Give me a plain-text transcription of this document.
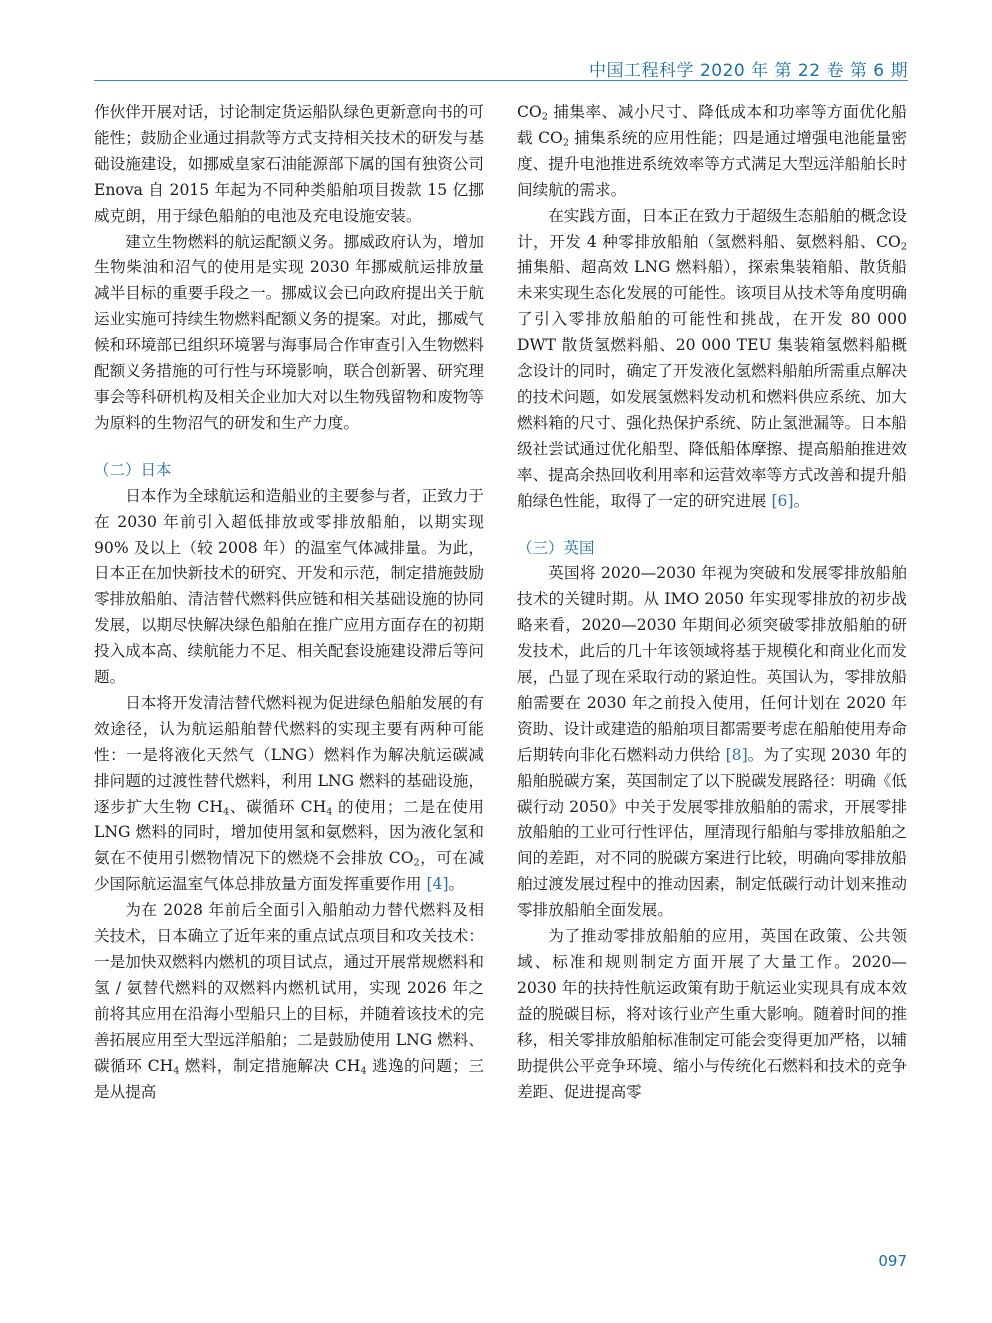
中国工程科学 2020 年 第 22 卷 第 6 期

作伙伴开展对话，讨论制定货运船队绿色更新意向书的可能性；鼓励企业通过捐款等方式支持相关技术的研发与基础设施建设，如挪威皇家石油能源部下属的国有独资公司 Enova 自 2015 年起为不同种类船舶项目拨款 15 亿挪威克朗，用于绿色船舶的电池及充电设施安装。

建立生物燃料的航运配额义务。挪威政府认为，增加生物柴油和沼气的使用是实现 2030 年挪威航运排放量减半目标的重要手段之一。挪威议会已向政府提出关于航运业实施可持续生物燃料配额义务的提案。对此，挪威气候和环境部已组织环境署与海事局合作审查引入生物燃料配额义务措施的可行性与环境影响，联合创新署、研究理事会等科研机构及相关企业加大对以生物残留物和废物等为原料的生物沼气的研发和生产力度。

（二）日本

日本作为全球航运和造船业的主要参与者，正致力于在 2030 年前引入超低排放或零排放船舶，以期实现 90% 及以上（较 2008 年）的温室气体减排量。为此，日本正在加快新技术的研究、开发和示范，制定措施鼓励零排放船舶、清洁替代燃料供应链和相关基础设施的协同发展，以期尽快解决绿色船舶在推广应用方面存在的初期投入成本高、续航能力不足、相关配套设施建设滞后等问题。

日本将开发清洁替代燃料视为促进绿色船舶发展的有效途径，认为航运船舶替代燃料的实现主要有两种可能性：一是将液化天然气（LNG）燃料作为解决航运碳减排问题的过渡性替代燃料，利用 LNG 燃料的基础设施，逐步扩大生物 $CH_4$、碳循环 $CH_4$ 的使用；二是在使用 LNG 燃料的同时，增加使用氢和氨燃料，因为液化氢和氨在不使用引燃物情况下的燃烧不会排放 $CO_2$，可在减少国际航运温室气体总排放量方面发挥重要作用 [4]。

为在 2028 年前后全面引入船舶动力替代燃料及相关技术，日本确立了近年来的重点试点项目和攻关技术：一是加快双燃料内燃机的项目试点，通过开展常规燃料和氢 / 氨替代燃料的双燃料内燃机试用，实现 2026 年之前将其应用在沿海小型船只上的目标，并随着该技术的完善拓展应用至大型远洋船舶；二是鼓励使用 LNG 燃料、碳循环 $CH_4$ 燃料，制定措施解决 $CH_4$ 逃逸的问题；三是从提高

$CO_2$ 捕集率、减小尺寸、降低成本和功率等方面优化船载 $CO_2$ 捕集系统的应用性能；四是通过增强电池能量密度、提升电池推进系统效率等方式满足大型远洋船舶长时间续航的需求。

在实践方面，日本正在致力于超级生态船舶的概念设计，开发 4 种零排放船舶（氢燃料船、氨燃料船、$CO_2$ 捕集船、超高效 LNG 燃料船），探索集装箱船、散货船未来实现生态化发展的可能性。该项目从技术等角度明确了引入零排放船舶的可能性和挑战，在开发 80 000 DWT 散货氢燃料船、20 000 TEU 集装箱氢燃料船概念设计的同时，确定了开发液化氢燃料船舶所需重点解决的技术问题，如发展氢燃料发动机和燃料供应系统、加大燃料箱的尺寸、强化热保护系统、防止氢泄漏等。日本船级社尝试通过优化船型、降低船体摩擦、提高船舶推进效率、提高余热回收利用率和运营效率等方式改善和提升船舶绿色性能，取得了一定的研究进展 [6]。

（三）英国

英国将 2020—2030 年视为突破和发展零排放船舶技术的关键时期。从 IMO 2050 年实现零排放的初步战略来看，2020—2030 年期间必须突破零排放船舶的研发技术，此后的几十年该领域将基于规模化和商业化而发展，凸显了现在采取行动的紧迫性。英国认为，零排放船舶需要在 2030 年之前投入使用，任何计划在 2020 年资助、设计或建造的船舶项目都需要考虑在船舶使用寿命后期转向非化石燃料动力供给 [8]。为了实现 2030 年的船舶脱碳方案，英国制定了以下脱碳发展路径：明确《低碳行动 2050》中关于发展零排放船舶的需求，开展零排放船舶的工业可行性评估，厘清现行船舶与零排放船舶之间的差距，对不同的脱碳方案进行比较，明确向零排放船舶过渡发展过程中的推动因素，制定低碳行动计划来推动零排放船舶全面发展。

为了推动零排放船舶的应用，英国在政策、公共领域、标准和规则制定方面开展了大量工作。2020—2030 年的扶持性航运政策有助于航运业实现具有成本效益的脱碳目标，将对该行业产生重大影响。随着时间的推移，相关零排放船舶标准制定可能会变得更加严格，以辅助提供公平竞争环境、缩小与传统化石燃料和技术的竞争差距、促进提高零

097
